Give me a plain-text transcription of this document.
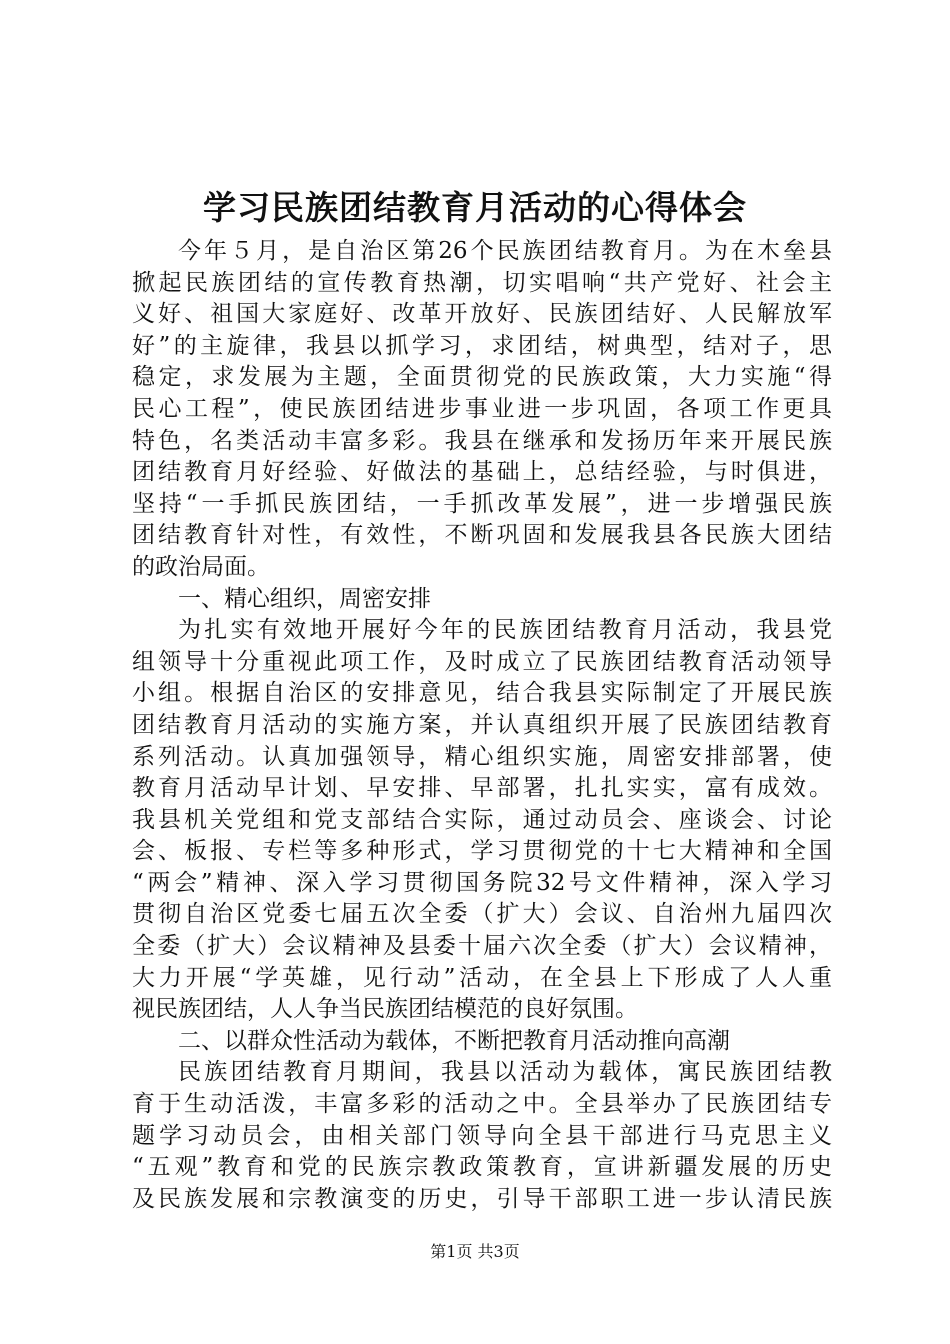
学习民族团结教育月活动的心得体会
今年５月，是自治区第26个民族团结教育月。为在木垒县
掀起民族团结的宣传教育热潮，切实唱响“共产党好、社会主
义好、祖国大家庭好、改革开放好、民族团结好、人民解放军
好”的主旋律，我县以抓学习，求团结，树典型，结对子，思
稳定，求发展为主题，全面贯彻党的民族政策，大力实施“得
民心工程”，使民族团结进步事业进一步巩固，各项工作更具
特色，名类活动丰富多彩。我县在继承和发扬历年来开展民族
团结教育月好经验、好做法的基础上，总结经验，与时俱进，
坚持“一手抓民族团结，一手抓改革发展”，进一步增强民族
团结教育针对性，有效性，不断巩固和发展我县各民族大团结
的政治局面。
一、精心组织，周密安排
为扎实有效地开展好今年的民族团结教育月活动，我县党
组领导十分重视此项工作，及时成立了民族团结教育活动领导
小组。根据自治区的安排意见，结合我县实际制定了开展民族
团结教育月活动的实施方案，并认真组织开展了民族团结教育
系列活动。认真加强领导，精心组织实施，周密安排部署，使
教育月活动早计划、早安排、早部署，扎扎实实，富有成效。
我县机关党组和党支部结合实际，通过动员会、座谈会、讨论
会、板报、专栏等多种形式，学习贯彻党的十七大精神和全国
“两会”精神、深入学习贯彻国务院32号文件精神，深入学习
贯彻自治区党委七届五次全委（扩大）会议、自治州九届四次
全委（扩大）会议精神及县委十届六次全委（扩大）会议精神，
大力开展“学英雄，见行动”活动，在全县上下形成了人人重
视民族团结，人人争当民族团结模范的良好氛围。
二、以群众性活动为载体，不断把教育月活动推向高潮
民族团结教育月期间，我县以活动为载体，寓民族团结教
育于生动活泼，丰富多彩的活动之中。全县举办了民族团结专
题学习动员会，由相关部门领导向全县干部进行马克思主义
“五观”教育和党的民族宗教政策教育，宣讲新疆发展的历史
及民族发展和宗教演变的历史，引导干部职工进一步认清民族
第1页 共3页
